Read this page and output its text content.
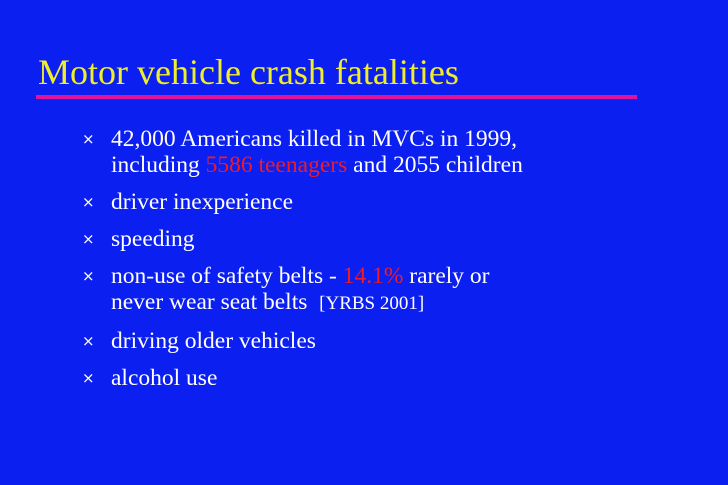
Motor vehicle crash fatalities
× 42,000 Americans killed in MVCs in 1999,
including 5586 teenagers and 2055 children
× driver inexperience
× speeding
× non-use of safety belts - 14.1% rarely or
never wear seat belts  [YRBS 2001]
× driving older vehicles
× alcohol use
